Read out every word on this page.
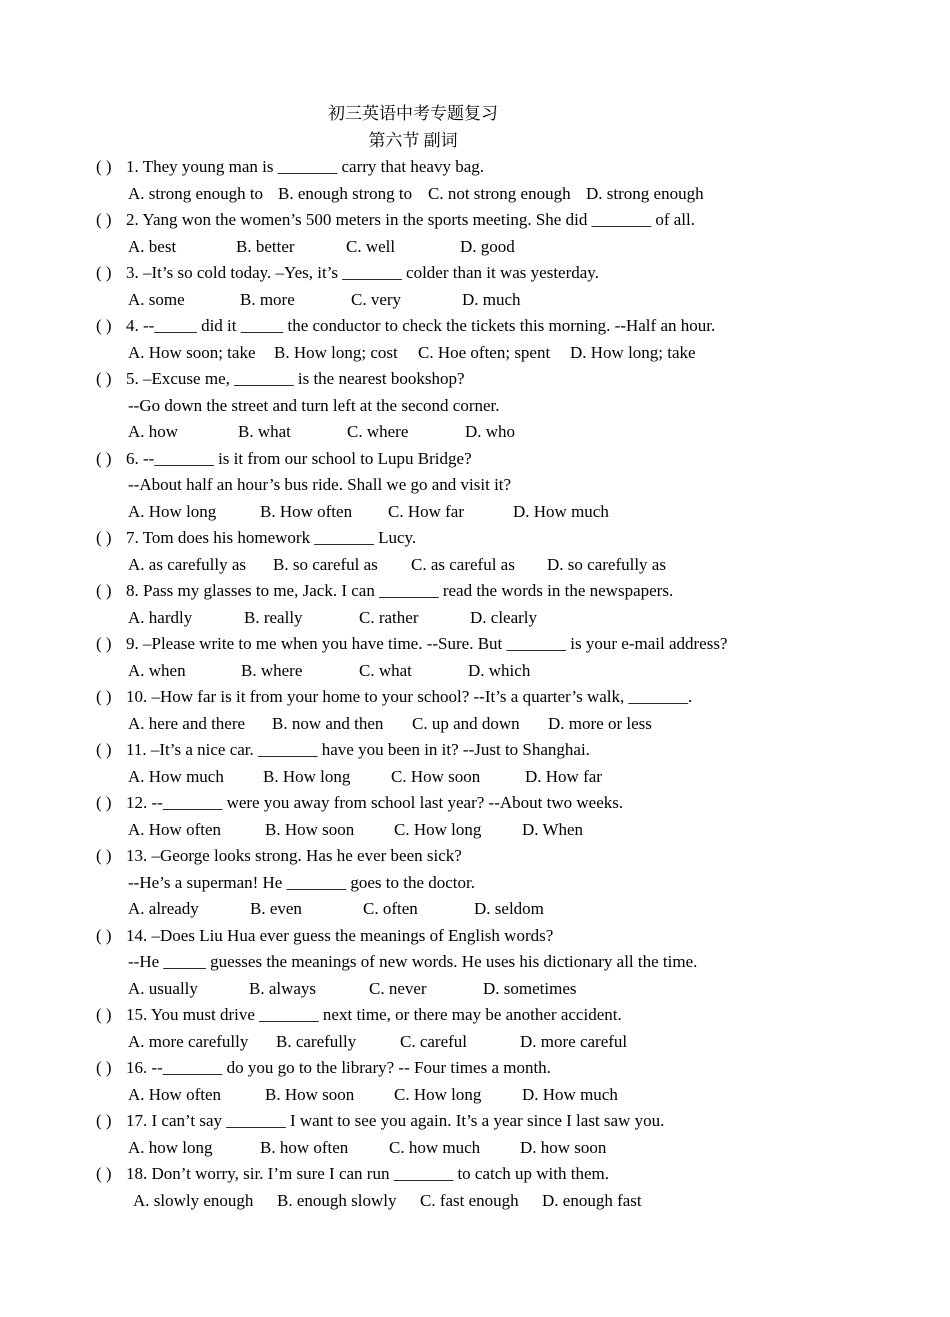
初三英语中考专题复习
第六节 副词
( ) 1. They young man is _______ carry that heavy bag.
A. strong enough to B. enough strong to C. not strong enough D. strong enough
( ) 2. Yang won the women’s 500 meters in the sports meeting. She did _______ of all.
A. best	B. better	C. well	D. good
( ) 3. –It’s so cold today. –Yes, it’s _______ colder than it was yesterday.
A. some	B. more	C. very	D. much
( ) 4. --_____ did it _____ the conductor to check the tickets this morning. --Half an hour.
A. How soon; take B. How long; cost C. Hoe often; spent D. How long; take
( ) 5. –Excuse me, _______ is the nearest bookshop?
--Go down the street and turn left at the second corner.
A. how	B. what	C. where	D. who
( ) 6. --_______ is it from our school to Lupu Bridge?
--About half an hour’s bus ride. Shall we go and visit it?
A. How long	B. How often C. How far	D. How much
( ) 7. Tom does his homework _______ Lucy.
A. as carefully as B. so careful as C. as careful as D. so carefully as
( ) 8. Pass my glasses to me, Jack. I can _______ read the words in the newspapers.
A. hardly	B. really	C. rather	D. clearly
( ) 9. –Please write to me when you have time. --Sure. But _______ is your e-mail address?
A. when	B. where	C. what	D. which
( ) 10. –How far is it from your home to your school? --It’s a quarter’s walk, _______.
A. here and there B. now and then C. up and down D. more or less
( ) 11. –It’s a nice car. _______ have you been in it? --Just to Shanghai.
A. How much B. How long C. How soon	D. How far
( ) 12. --_______ were you away from school last year? --About two weeks.
A. How often	B. How soon C. How long D. When
( ) 13. –George looks strong. Has he ever been sick?
--He’s a superman! He _______ goes to the doctor.
A. already	B. even	C. often	D. seldom
( ) 14. –Does Liu Hua ever guess the meanings of English words?
--He _____ guesses the meanings of new words. He uses his dictionary all the time.
A. usually	B. always	C. never	D. sometimes
( ) 15. You must drive _______ next time, or there may be another accident.
A. more carefully B. carefully	C. careful	D. more careful
( ) 16. --_______ do you go to the library? -- Four times a month.
A. How often	B. How soon C. How long D. How much
( ) 17. I can’t say _______ I want to see you again. It’s a year since I last saw you.
A. how long	B. how often C. how much D. how soon
( ) 18. Don’t worry, sir. I’m sure I can run _______ to catch up with them.
A. slowly enough B. enough slowly C. fast enough D. enough fast
